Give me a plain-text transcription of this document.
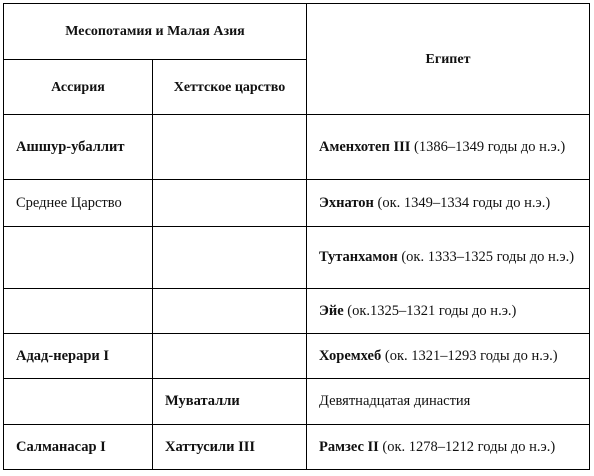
Месопотамия и Малая Азия		Египет
Ассирия	Хеттское царство	
Ашшур-убаллит		Аменхотеп III (1386–1349 годы до н.э.)
Среднее Царство		Эхнатон (ок. 1349–1334 годы до н.э.)
		Тутанхамон (ок. 1333–1325 годы до н.э.)
		Эйе (ок.1325–1321 годы до н.э.)
Адад-нерари I		Хоремхеб (ок. 1321–1293 годы до н.э.)
	Муваталли	Девятнадцатая династия
Салманасар I	Хаттусили III	Рамзес II (ок. 1278–1212 годы до н.э.)
